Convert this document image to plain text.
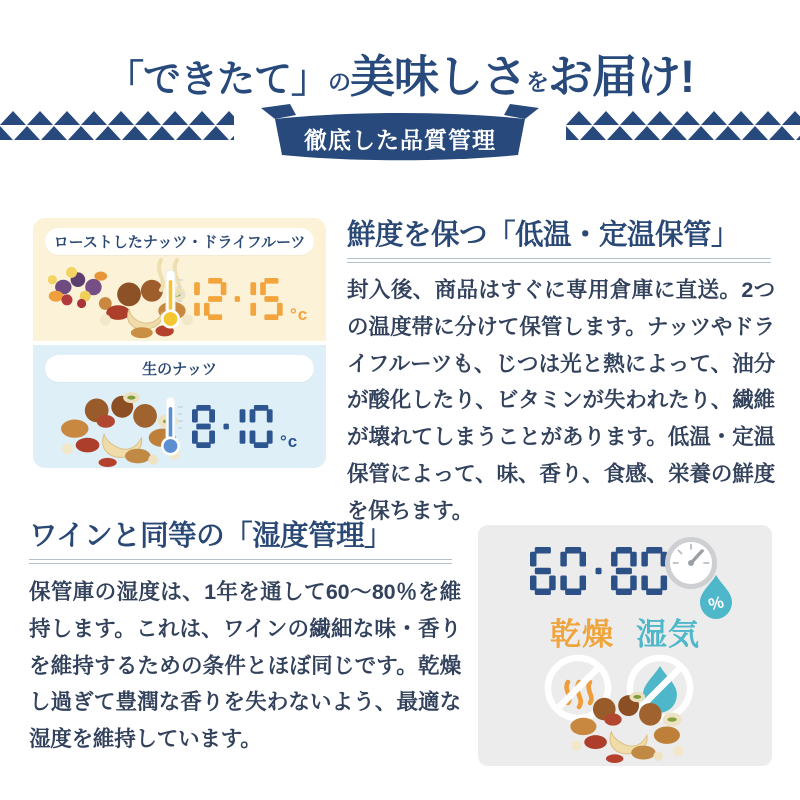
「できたて」の美味しさをお届け!
徹底した品質管理
ローストしたナッツ・ドライフルーツ
°c
生のナッツ
°c
鮮度を保つ「低温・定温保管」

封入後、商品はすぐに専用倉庫に直送。2つの温度帯に分けて保管します。ナッツやドライフルーツも、じつは光と熱によって、油分が酸化したり、ビタミンが失われたり、繊維が壊れてしまうことがあります。低温・定温保管によって、味、香り、食感、栄養の鮮度を保ちます。

ワインと同等の「湿度管理」

保管庫の湿度は、1年を通して60〜80％を維持します。これは、ワインの繊細な味・香りを維持するための条件とほぼ同じです。乾燥し過ぎて豊潤な香りを失わないよう、最適な湿度を維持しています。

%
乾燥 湿気
